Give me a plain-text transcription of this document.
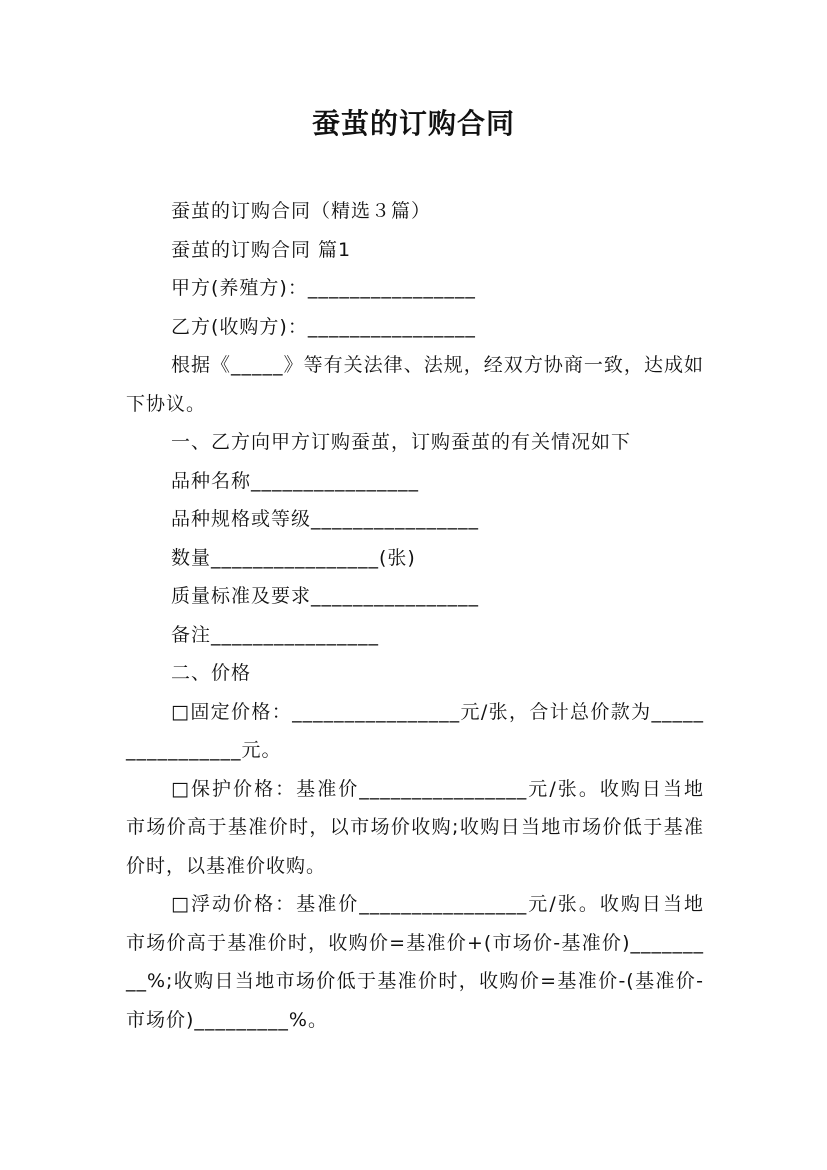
蚕茧的订购合同

蚕茧的订购合同（精选３篇）

蚕茧的订购合同 篇1

甲方(养殖方)：________________

乙方(收购方)：________________

根据《_____》等有关法律、法规，经双方协商一致，达成如下协议。

一、乙方向甲方订购蚕茧，订购蚕茧的有关情况如下

品种名称________________

品种规格或等级________________

数量________________(张)

质量标准及要求________________

备注________________

二、价格

□固定价格：________________元/张，合计总价款为________________元。

□保护价格：基准价________________元/张。收购日当地市场价高于基准价时，以市场价收购;收购日当地市场价低于基准价时，以基准价收购。

□浮动价格：基准价________________元/张。收购日当地市场价高于基准价时，收购价=基准价+(市场价-基准价)_________%;收购日当地市场价低于基准价时，收购价=基准价-(基准价-市场价)_________%。
